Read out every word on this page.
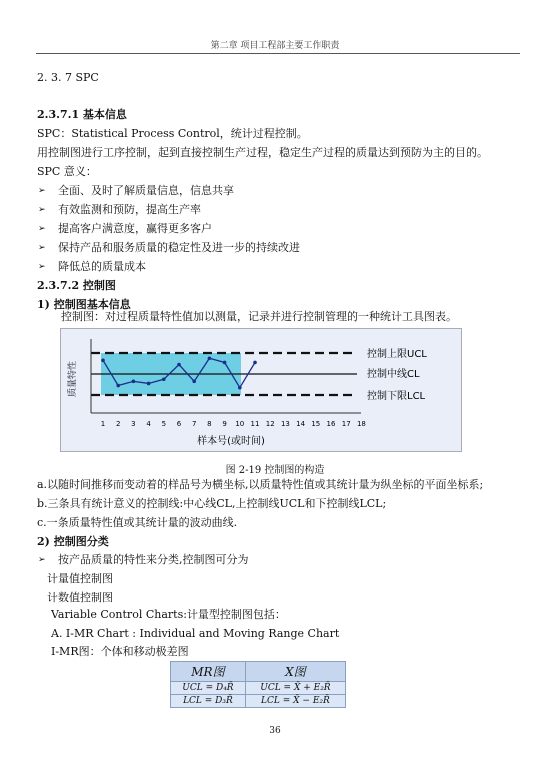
第二章 项目工程部主要工作职责
2. 3. 7 SPC
2.3.7.1 基本信息
SPC：Statistical Process Control，统计过程控制。
用控制图进行工序控制，起到直接控制生产过程，稳定生产过程的质量达到预防为主的目的。
SPC 意义：
➢ 全面、及时了解质量信息，信息共享
➢ 有效监测和预防，提高生产率
➢ 提高客户满意度，赢得更多客户
➢ 保持产品和服务质量的稳定性及进一步的持续改进
➢ 降低总的质量成本
2.3.7.2 控制图
1) 控制图基本信息
控制图：对过程质量特性值加以测量，记录并进行控制管理的一种统计工具图表。
质量特性
控制上限UCL
控制中线CL
控制下限LCL
样本号(或时间)
1 2 3 4 5 6 7 8 9 10 11 12 13 14 15 16 17 18
图 2-19 控制图的构造
a.以随时间推移而变动着的样品号为横坐标,以质量特性值或其统计量为纵坐标的平面坐标系;
b.三条具有统计意义的控制线:中心线CL,上控制线UCL和下控制线LCL;
c.一条质量特性值或其统计量的波动曲线.
2) 控制图分类
➢ 按产品质量的特性来分类,控制图可分为
计量值控制图
计数值控制图
Variable Control Charts:计量型控制图包括：
A. I-MR Chart : Individual and Moving Range Chart
I-MR图：个体和移动极差图
MR图	X图
UCL = D₄R̄	UCL = X̄ + E₂R̄
LCL = D₃R̄	LCL = X̄ − E₂R̄
36
